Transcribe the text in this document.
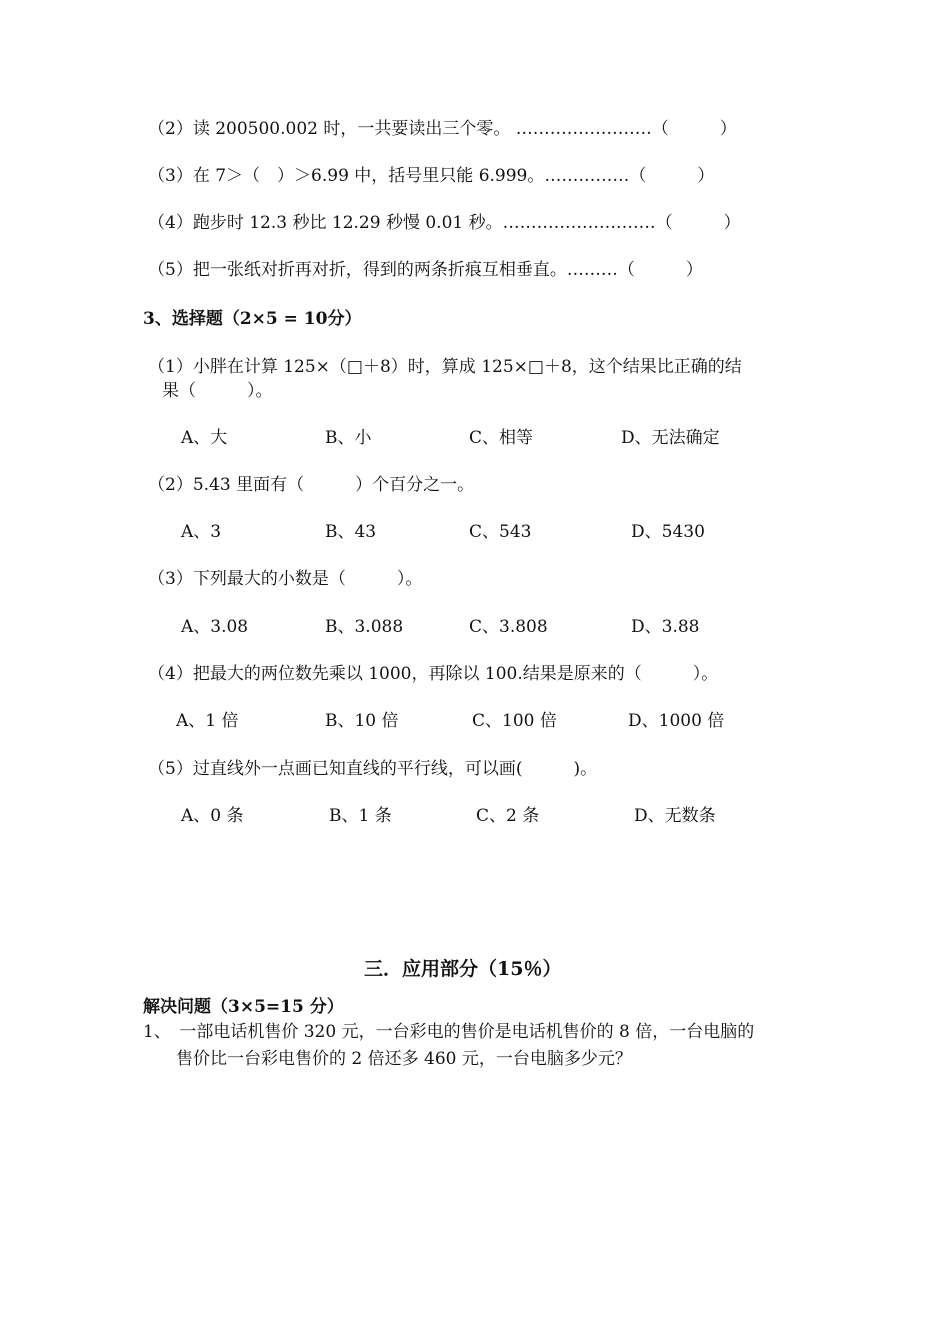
（2）读 200500.002 时，一共要读出三个零。 ……………………（　　　）
（3）在 7＞（　）＞6.99 中，括号里只能 6.999。……………（　　　）
（4）跑步时 12.3 秒比 12.29 秒慢 0.01 秒。………………………（　　　）
（5）把一张纸对折再对折，得到的两条折痕互相垂直。………（　　　）
3、选择题（2×5 = 10分）
（1）小胖在计算 125×（□＋8）时，算成 125×□＋8，这个结果比正确的结
果（　　　）。
A、大	B、小	C、相等	D、无法确定
（2）5.43 里面有（　　　）个百分之一。
A、3	B、43	C、543	D、5430
（3）下列最大的小数是（　　　）。
A、3.08	B、3.088	C、3.808	D、3.88
（4）把最大的两位数先乘以 1000，再除以 100.结果是原来的（　　　）。
A、1 倍	B、10 倍	C、100 倍	D、1000 倍
（5）过直线外一点画已知直线的平行线，可以画(　　　)。
A、0 条	B、1 条	C、2 条	D、无数条
三．应用部分（15％）
解决问题（3×5=15 分）
1、　一部电话机售价 320 元，一台彩电的售价是电话机售价的 8 倍，一台电脑的
售价比一台彩电售价的 2 倍还多 460 元，一台电脑多少元？
